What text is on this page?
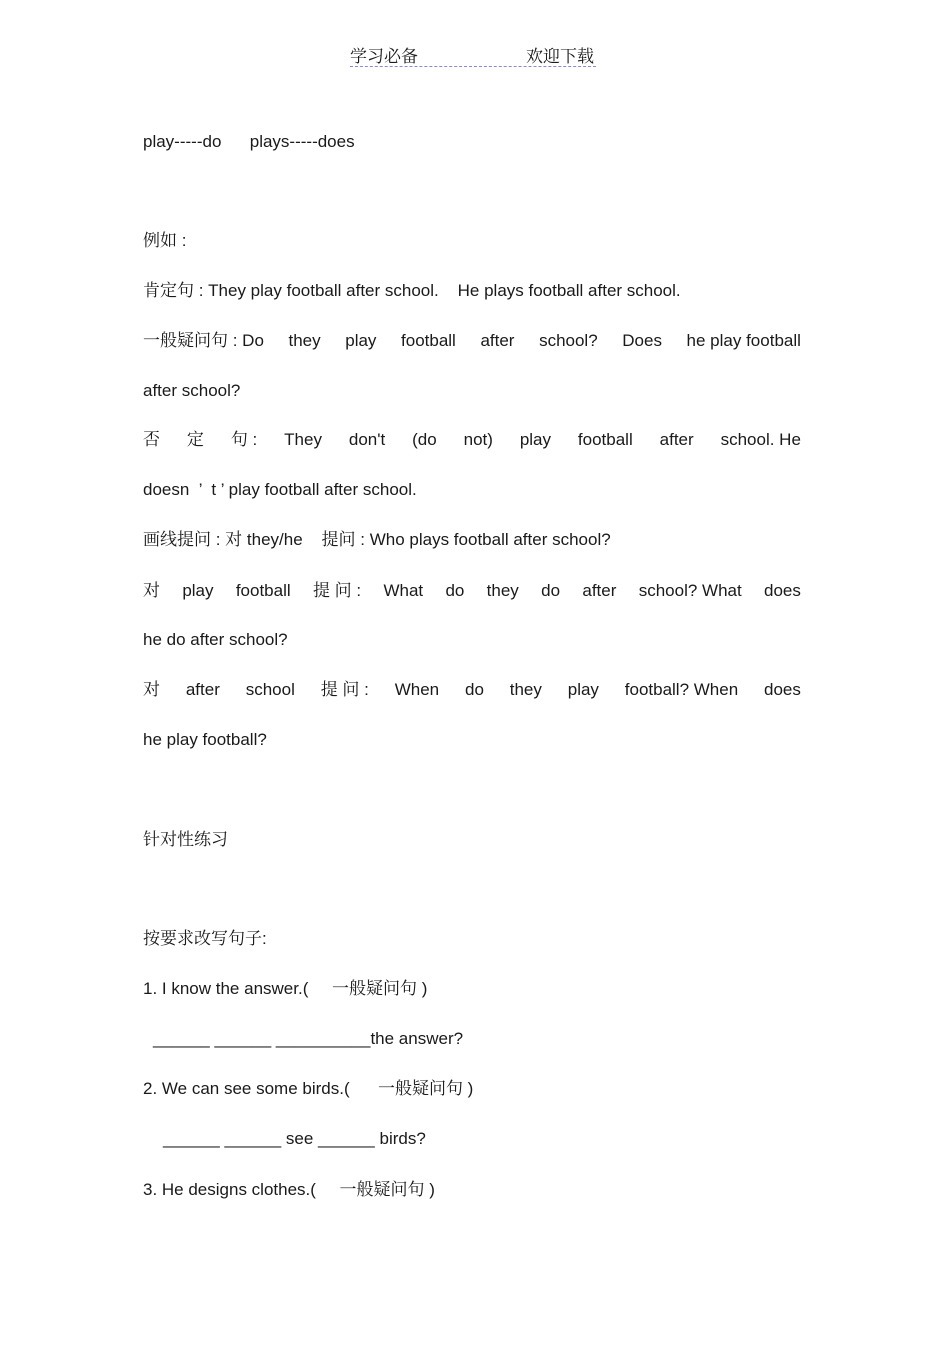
学习必备	欢迎下载
play-----do      plays-----does
例如 :
肯定句 : They play football after school.    He plays football after school.
一般疑问句 : Do they play football after school? Does he play football
after school?
否 定 句 : They don't (do not) play football after school. He
doesn  ’  t ’ play football after school.
画线提问 : 对 they/he    提问 : Who plays football after school?
对 play football 提 问 : What do they do after school? What does
he do after school?
对 after school 提 问 : When do they play football? When does
he play football?
针对性练习
按要求改写句子:
1. I know the answer.(     一般疑问句 )
______ ______ __________the answer?
2. We can see some birds.(      一般疑问句 )
______ ______ see ______ birds?
3. He designs clothes.(     一般疑问句 )
